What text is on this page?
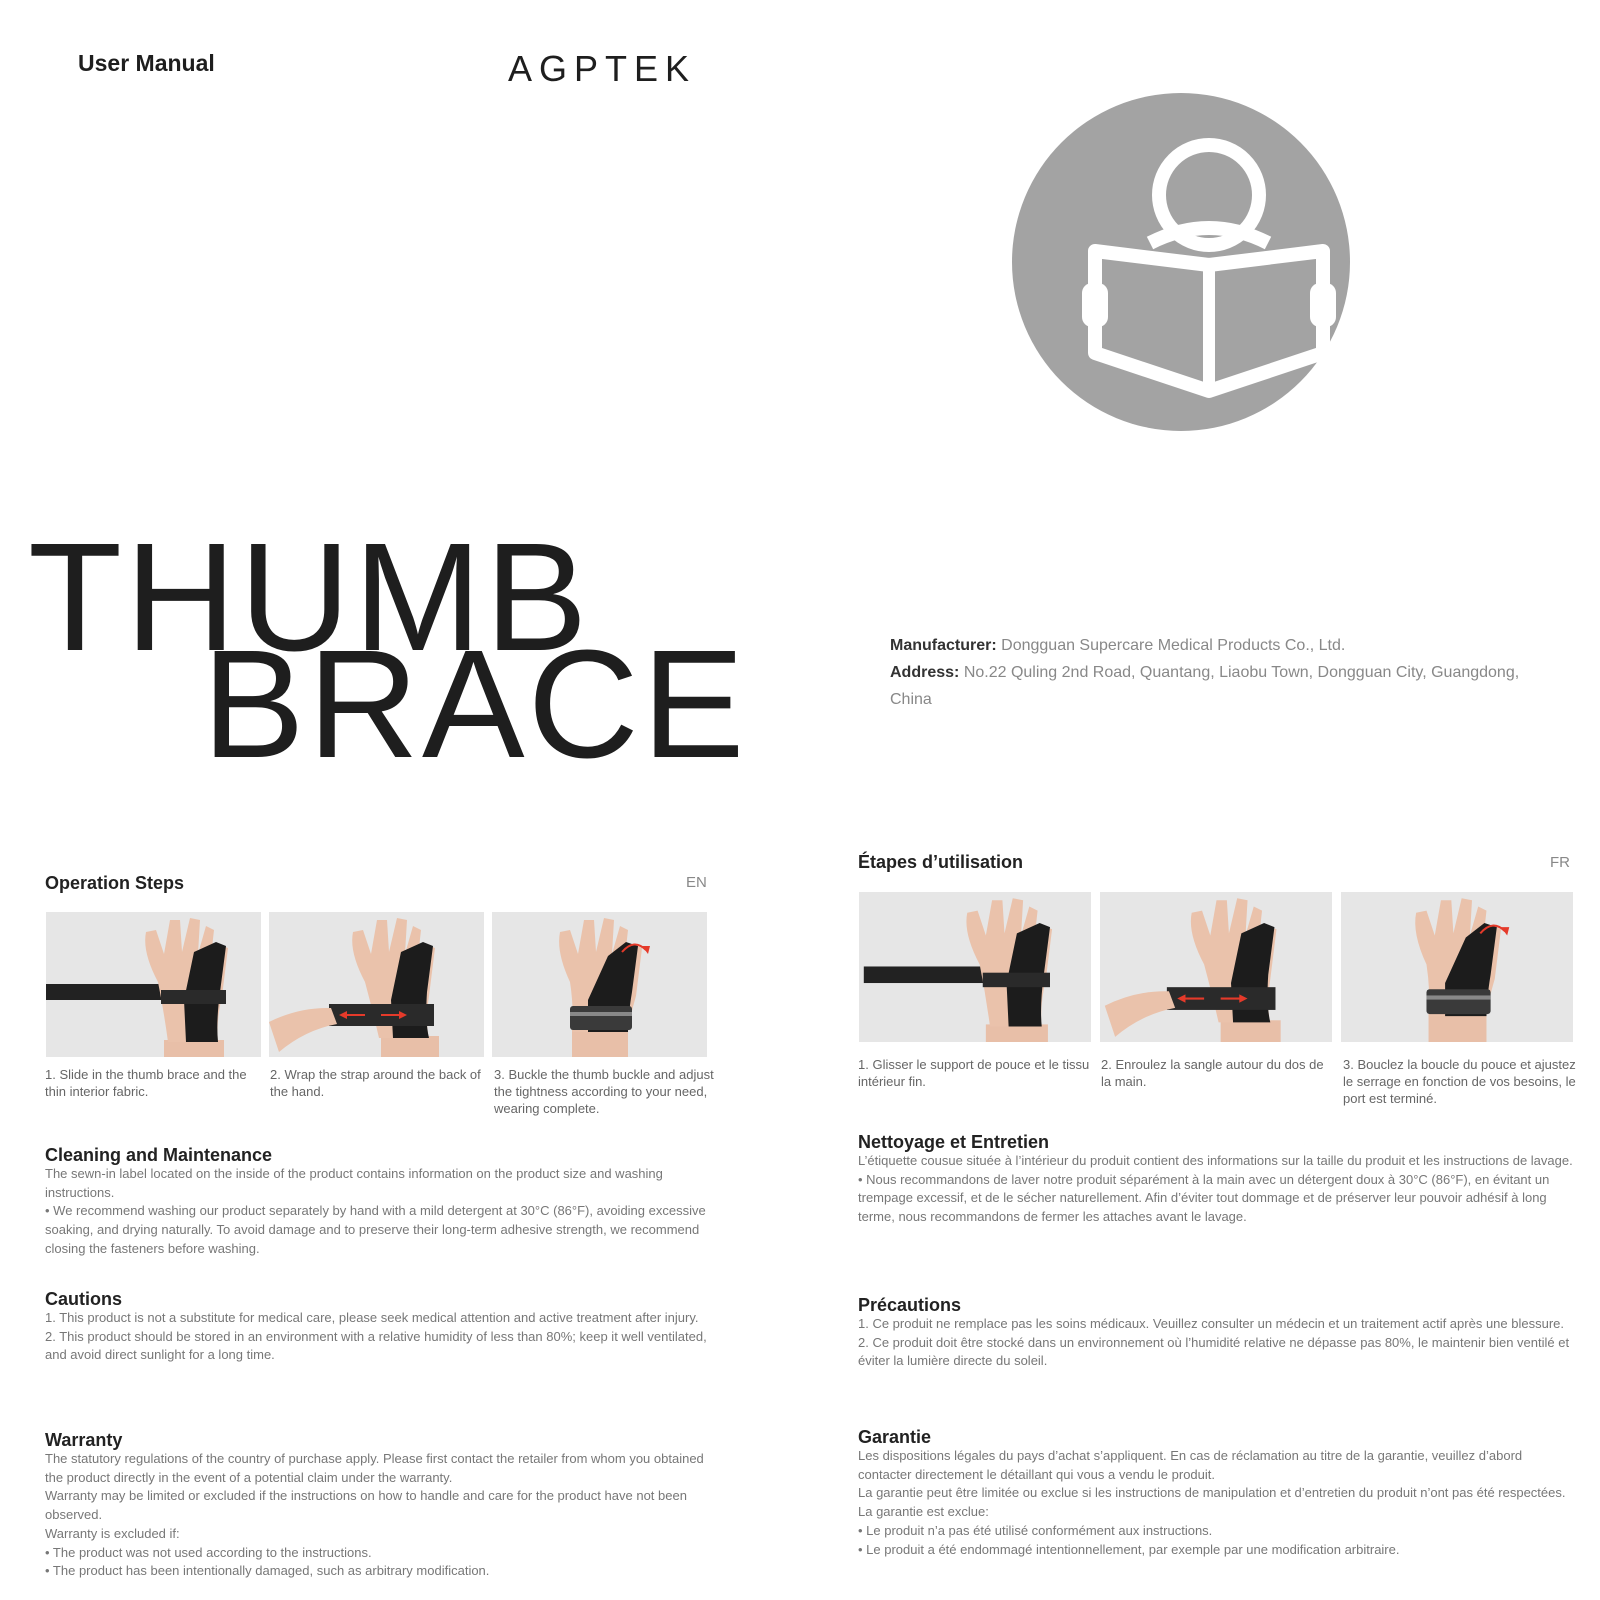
User Manual	AGPTEK
THUMB
BRACE	Manufacturer: Dongguan Supercare Medical Products Co., Ltd.
Address: No.22 Quling 2nd Road, Quantang, Liaobu Town, Dongguan City, Guangdong, China
Operation Steps	EN
1. Slide in the thumb brace and the thin interior fabric.
2. Wrap the strap around the back of the hand.
3. Buckle the thumb buckle and adjust the tightness according to your need, wearing complete.
Cleaning and Maintenance

The sewn-in label located on the inside of the product contains information on the product size and washing instructions.

• We recommend washing our product separately by hand with a mild detergent at 30°C (86°F), avoiding excessive soaking, and drying naturally. To avoid damage and to preserve their long-term adhesive strength, we recommend closing the fasteners before washing.

Cautions

1. This product is not a substitute for medical care, please seek medical attention and active treatment after injury.

2. This product should be stored in an environment with a relative humidity of less than 80%; keep it well ventilated, and avoid direct sunlight for a long time.

Warranty

The statutory regulations of the country of purchase apply. Please first contact the retailer from whom you obtained the product directly in the event of a potential claim under the warranty.

Warranty may be limited or excluded if the instructions on how to handle and care for the product have not been observed.

Warranty is excluded if:

• The product was not used according to the instructions.

• The product has been intentionally damaged, such as arbitrary modification.

Étapes d’utilisation	FR
1. Glisser le support de pouce et le tissu intérieur fin.
2. Enroulez la sangle autour du dos de la main.
3. Bouclez la boucle du pouce et ajustez le serrage en fonction de vos besoins, le port est terminé.
Nettoyage et Entretien

L’étiquette cousue située à l’intérieur du produit contient des informations sur la taille du produit et les instructions de lavage.

• Nous recommandons de laver notre produit séparément à la main avec un détergent doux à 30°C (86°F), en évitant un trempage excessif, et de le sécher naturellement. Afin d’éviter tout dommage et de préserver leur pouvoir adhésif à long terme, nous recommandons de fermer les attaches avant le lavage.

Précautions

1. Ce produit ne remplace pas les soins médicaux. Veuillez consulter un médecin et un traitement actif après une blessure.

2. Ce produit doit être stocké dans un environnement où l’humidité relative ne dépasse pas 80%, le maintenir bien ventilé et éviter la lumière directe du soleil.

Garantie

Les dispositions légales du pays d’achat s’appliquent. En cas de réclamation au titre de la garantie, veuillez d’abord contacter directement le détaillant qui vous a vendu le produit.

La garantie peut être limitée ou exclue si les instructions de manipulation et d’entretien du produit n’ont pas été respectées.

La garantie est exclue:

• Le produit n’a pas été utilisé conformément aux instructions.

• Le produit a été endommagé intentionnellement, par exemple par une modification arbitraire.
